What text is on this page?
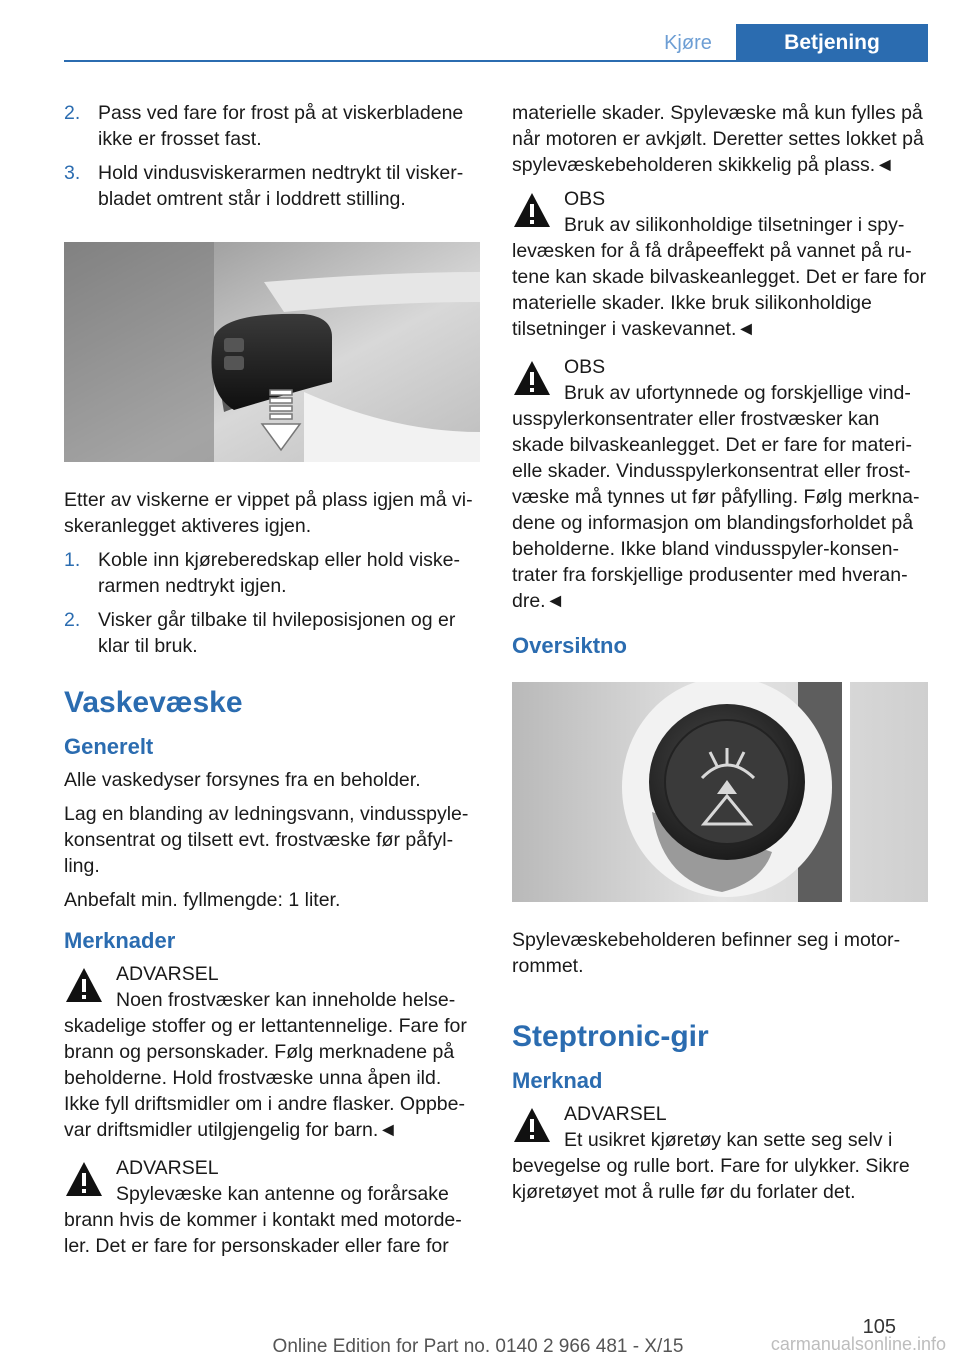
Kjøre	Betjening
2. Pass ved fare for frost på at viskerbladene ikke er frosset fast.
3. Hold vindusviskerarmen nedtrykt til viskerbladet omtrent står i loddrett stilling.

Etter av viskerne er vippet på plass igjen må viskeranlegget aktiveres igjen.

1. Koble inn kjøreberedskap eller hold viskerarmen nedtrykt igjen.
2. Visker går tilbake til hvileposisjonen og er klar til bruk.
Vaskevæske
Generelt

Alle vaskedyser forsynes fra en beholder.

Lag en blanding av ledningsvann, vindusspylekonsentrat og tilsett evt. frostvæske før påfylling.

Anbefalt min. fyllmengde: 1 liter.

Merknader
ADVARSEL
Noen frostvæsker kan inneholde helseskadelige stoffer og er lettantennelige. Fare for brann og personskader. Følg merknadene på beholderne. Hold frostvæske unna åpen ild. Ikke fyll driftsmidler om i andre flasker. Oppbevar driftsmidler utilgjengelig for barn.◄
ADVARSEL
Spylevæske kan antenne og forårsake brann hvis de kommer i kontakt med motordeler. Det er fare for personskader eller fare for

materielle skader. Spylevæske må kun fylles på når motoren er avkjølt. Deretter settes lokket på spylevæskebeholderen skikkelig på plass.◄

OBS
Bruk av silikonholdige tilsetninger i spylevæsken for å få dråpeeffekt på vannet på rutene kan skade bilvaskeanlegget. Det er fare for materielle skader. Ikke bruk silikonholdige tilsetninger i vaskevannet.◄
OBS
Bruk av ufortynnede og forskjellige vindusspylerkonsentrater eller frostvæsker kan skade bilvaskeanlegget. Det er fare for materielle skader. Vindusspylerkonsentrat eller frostvæske må tynnes ut før påfylling. Følg merknadene og informasjon om blandingsforholdet på beholderne. Ikke bland vindusspyler-konsentrater fra forskjellige produsenter med hverandre.◄
Oversiktno

Spylevæskebeholderen befinner seg i motorrommet.

Steptronic-gir
Merknad
ADVARSEL
Et usikret kjøretøy kan sette seg selv i bevegelse og rulle bort. Fare for ulykker. Sikre kjøretøyet mot å rulle før du forlater det.
105
Online Edition for Part no. 0140 2 966 481 - X/15	carmanualsonline.info
